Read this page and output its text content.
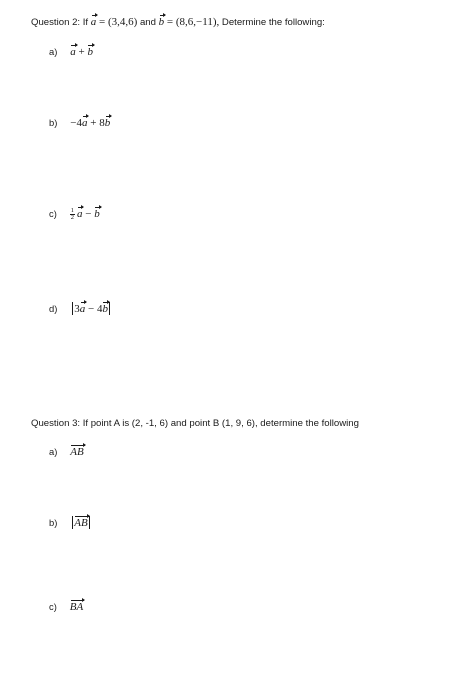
Question 2: If a = (3,4,6) and b = (8,6,−11), Determine the following:
a) a + b
b) −4a + 8b
$c) \frac{1}{2}$ a − b
d) 3a − 4b
Question 3: If point A is (2, -1, 6) and point B (1, 9, 6), determine the following
a) AB
b) AB
c) BA
